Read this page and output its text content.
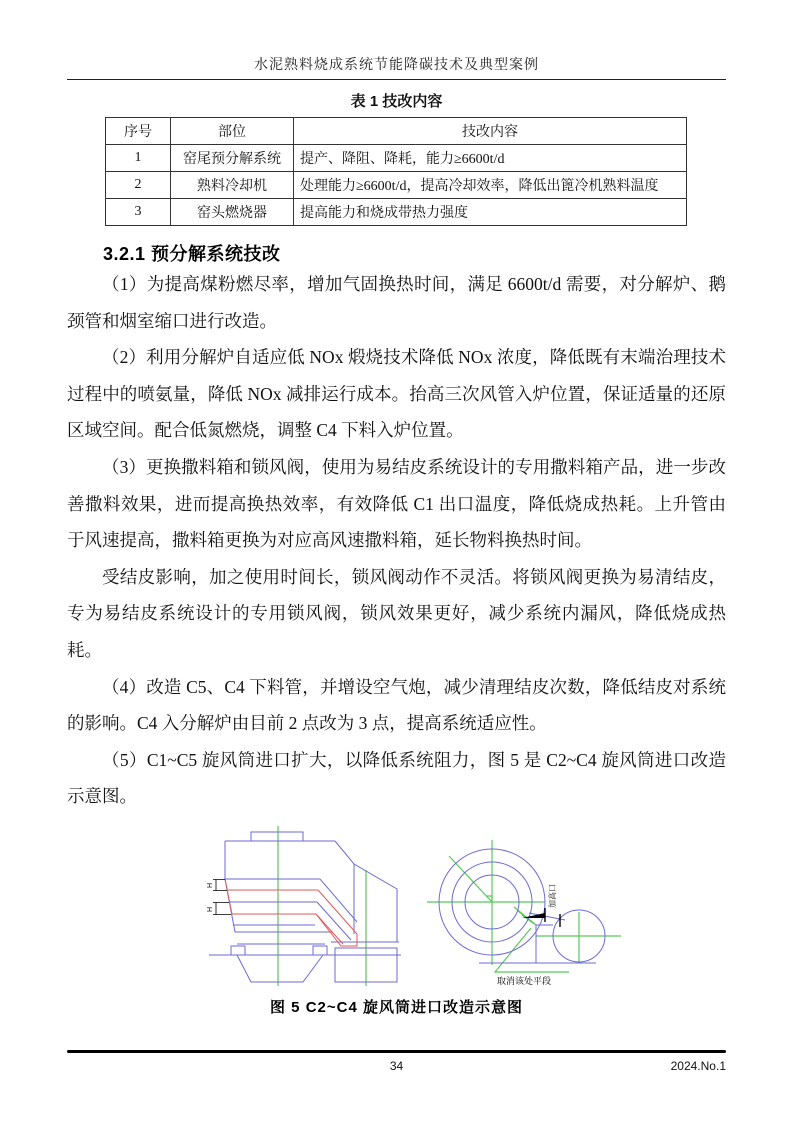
水泥熟料烧成系统节能降碳技术及典型案例
表 1 技改内容
序号	部位	技改内容
1	窑尾预分解系统	提产、降阻、降耗，能力≥6600t/d
2	熟料冷却机	处理能力≥6600t/d，提高冷却效率，降低出篦冷机熟料温度
3	窑头燃烧器	提高能力和烧成带热力强度
3.2.1 预分解系统技改

（1）为提高煤粉燃尽率，增加气固换热时间，满足 6600t/d 需要，对分解炉、鹅颈管和烟室缩口进行改造。

（2）利用分解炉自适应低 NOx 煅烧技术降低 NOx 浓度，降低既有末端治理技术过程中的喷氨量，降低 NOx 减排运行成本。抬高三次风管入炉位置，保证适量的还原区域空间。配合低氮燃烧，调整 C4 下料入炉位置。

（3）更换撒料箱和锁风阀，使用为易结皮系统设计的专用撒料箱产品，进一步改善撒料效果，进而提高换热效率，有效降低 C1 出口温度，降低烧成热耗。上升管由于风速提高，撒料箱更换为对应高风速撒料箱，延长物料换热时间。

受结皮影响，加之使用时间长，锁风阀动作不灵活。将锁风阀更换为易清结皮，专为易结皮系统设计的专用锁风阀，锁风效果更好，减少系统内漏风，降低烧成热耗。

（4）改造 C5、C4 下料管，并增设空气炮，减少清理结皮次数，降低结皮对系统的影响。C4 入分解炉由目前 2 点改为 3 点，提高系统适应性。

（5）C1~C5 旋风筒进口扩大，以降低系统阻力，图 5 是 C2~C4 旋风筒进口改造示意图。

H
H
加高口
取消该处平段
图 5 C2~C4 旋风筒进口改造示意图
34	2024.No.1
